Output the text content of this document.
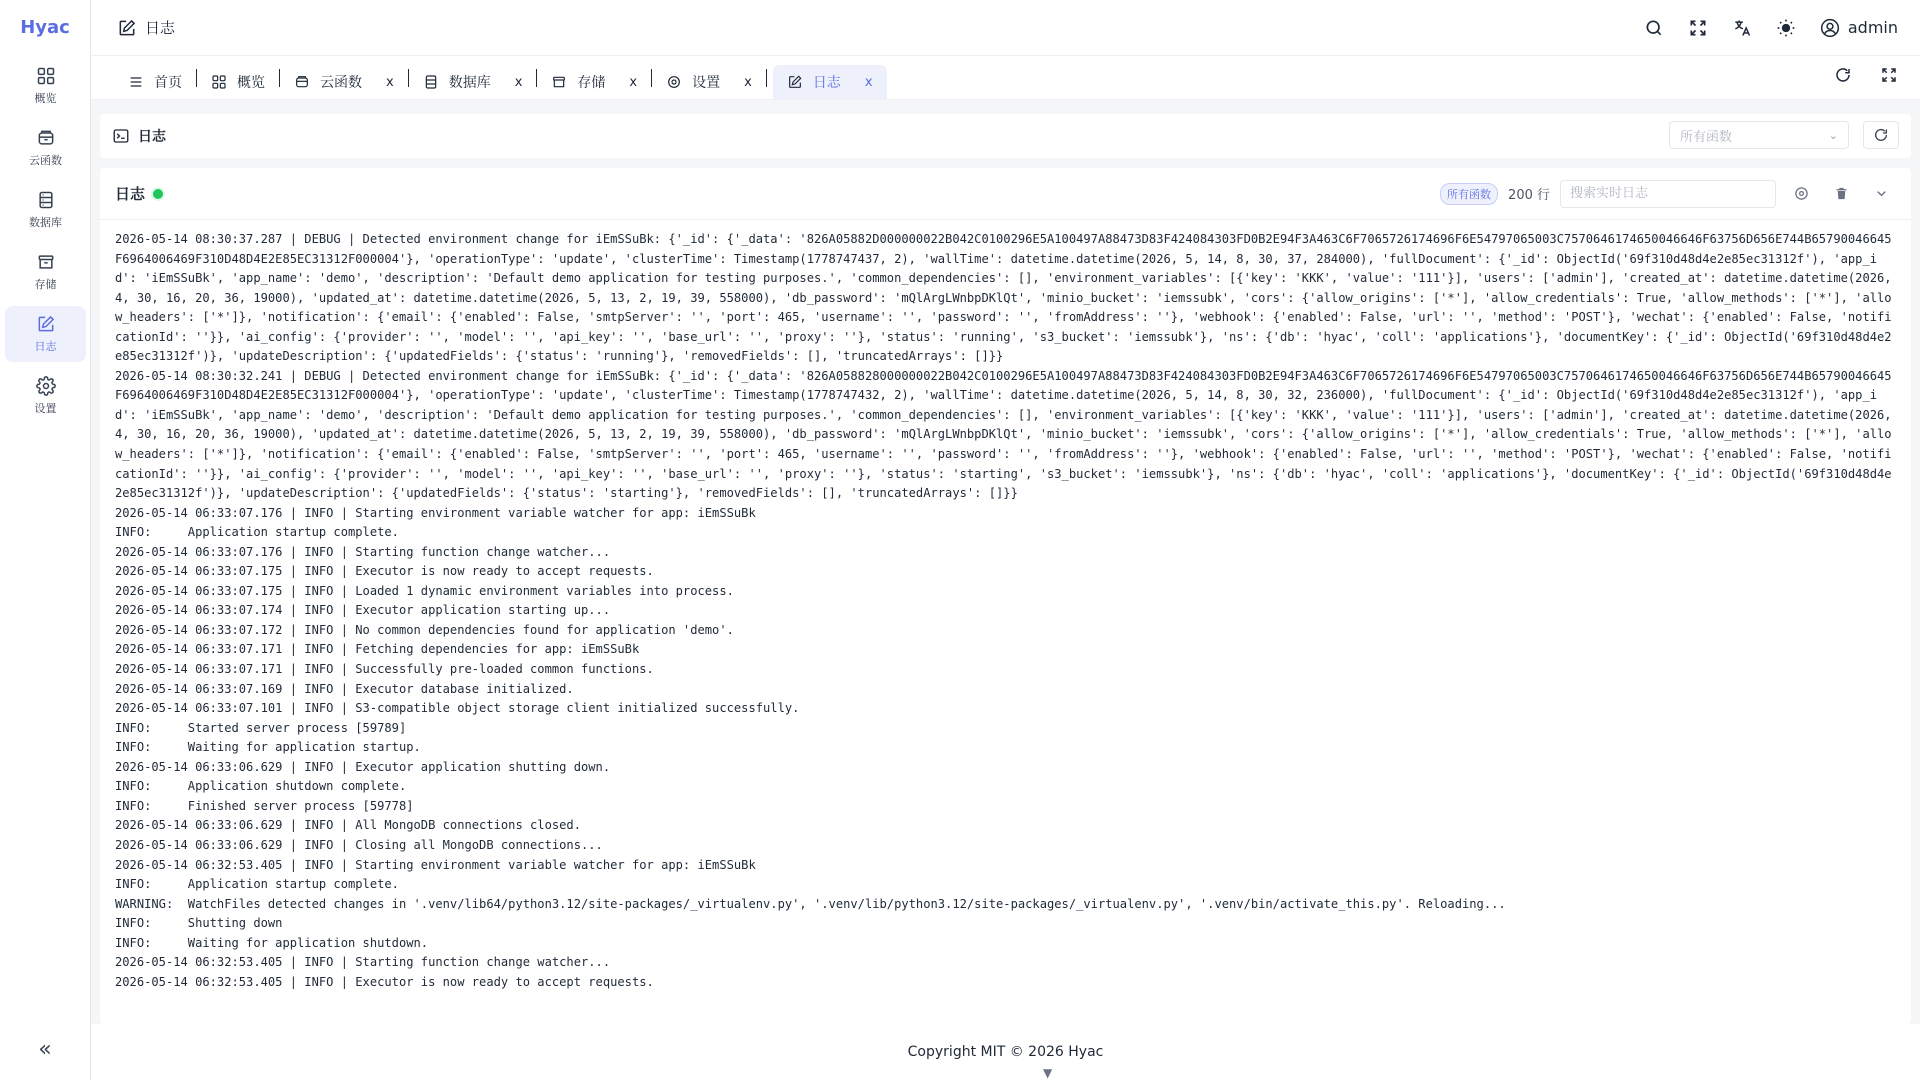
Hyac
概览
云函数
数据库
存储
日志
设置
«
日志	admin
首页	概览	云函数 x	数据库 x	存储 x	设置 x	日志 x
日志	所有函数	⌄
日志	所有函数	200 行
搜索实时日志
2026-05-14 08:30:37.287 | DEBUG | Detected environment change for iEmSSuBk: {'_id': {'_data': '826A05882D000000022B042C0100296E5A100497A88473D83F424084303FD0B2E94F3A463C6F7065726174696F6E54797065003C7570646174650046646F63756D656E744B65790046645F6964006469F310D48D4E2E85EC31312F000004'}, 'operationType': 'update', 'clusterTime': Timestamp(1778747437, 2), 'wallTime': datetime.datetime(2026, 5, 14, 8, 30, 37, 284000), 'fullDocument': {'_id': ObjectId('69f310d48d4e2e85ec31312f'), 'app_id': 'iEmSSuBk', 'app_name': 'demo', 'description': 'Default demo application for testing purposes.', 'common_dependencies': [], 'environment_variables': [{'key': 'KKK', 'value': '111'}], 'users': ['admin'], 'created_at': datetime.datetime(2026, 4, 30, 16, 20, 36, 19000), 'updated_at': datetime.datetime(2026, 5, 13, 2, 19, 39, 558000), 'db_password': 'mQlArgLWnbpDKlQt', 'minio_bucket': 'iemssubk', 'cors': {'allow_origins': ['*'], 'allow_credentials': True, 'allow_methods': ['*'], 'allow_headers': ['*']}, 'notification': {'email': {'enabled': False, 'smtpServer': '', 'port': 465, 'username': '', 'password': '', 'fromAddress': ''}, 'webhook': {'enabled': False, 'url': '', 'method': 'POST'}, 'wechat': {'enabled': False, 'notificationId': ''}}, 'ai_config': {'provider': '', 'model': '', 'api_key': '', 'base_url': '', 'proxy': ''}, 'status': 'running', 's3_bucket': 'iemssubk'}, 'ns': {'db': 'hyac', 'coll': 'applications'}, 'documentKey': {'_id': ObjectId('69f310d48d4e2e85ec31312f')}, 'updateDescription': {'updatedFields': {'status': 'running'}, 'removedFields': [], 'truncatedArrays': []}}
2026-05-14 08:30:32.241 | DEBUG | Detected environment change for iEmSSuBk: {'_id': {'_data': '826A058828000000022B042C0100296E5A100497A88473D83F424084303FD0B2E94F3A463C6F7065726174696F6E54797065003C7570646174650046646F63756D656E744B65790046645F6964006469F310D48D4E2E85EC31312F000004'}, 'operationType': 'update', 'clusterTime': Timestamp(1778747432, 2), 'wallTime': datetime.datetime(2026, 5, 14, 8, 30, 32, 236000), 'fullDocument': {'_id': ObjectId('69f310d48d4e2e85ec31312f'), 'app_id': 'iEmSSuBk', 'app_name': 'demo', 'description': 'Default demo application for testing purposes.', 'common_dependencies': [], 'environment_variables': [{'key': 'KKK', 'value': '111'}], 'users': ['admin'], 'created_at': datetime.datetime(2026, 4, 30, 16, 20, 36, 19000), 'updated_at': datetime.datetime(2026, 5, 13, 2, 19, 39, 558000), 'db_password': 'mQlArgLWnbpDKlQt', 'minio_bucket': 'iemssubk', 'cors': {'allow_origins': ['*'], 'allow_credentials': True, 'allow_methods': ['*'], 'allow_headers': ['*']}, 'notification': {'email': {'enabled': False, 'smtpServer': '', 'port': 465, 'username': '', 'password': '', 'fromAddress': ''}, 'webhook': {'enabled': False, 'url': '', 'method': 'POST'}, 'wechat': {'enabled': False, 'notificationId': ''}}, 'ai_config': {'provider': '', 'model': '', 'api_key': '', 'base_url': '', 'proxy': ''}, 'status': 'starting', 's3_bucket': 'iemssubk'}, 'ns': {'db': 'hyac', 'coll': 'applications'}, 'documentKey': {'_id': ObjectId('69f310d48d4e2e85ec31312f')}, 'updateDescription': {'updatedFields': {'status': 'starting'}, 'removedFields': [], 'truncatedArrays': []}}
2026-05-14 06:33:07.176 | INFO | Starting environment variable watcher for app: iEmSSuBk
INFO:     Application startup complete.
2026-05-14 06:33:07.176 | INFO | Starting function change watcher...
2026-05-14 06:33:07.175 | INFO | Executor is now ready to accept requests.
2026-05-14 06:33:07.175 | INFO | Loaded 1 dynamic environment variables into process.
2026-05-14 06:33:07.174 | INFO | Executor application starting up...
2026-05-14 06:33:07.172 | INFO | No common dependencies found for application 'demo'.
2026-05-14 06:33:07.171 | INFO | Fetching dependencies for app: iEmSSuBk
2026-05-14 06:33:07.171 | INFO | Successfully pre-loaded common functions.
2026-05-14 06:33:07.169 | INFO | Executor database initialized.
2026-05-14 06:33:07.101 | INFO | S3-compatible object storage client initialized successfully.
INFO:     Started server process [59789]
INFO:     Waiting for application startup.
2026-05-14 06:33:06.629 | INFO | Executor application shutting down.
INFO:     Application shutdown complete.
INFO:     Finished server process [59778]
2026-05-14 06:33:06.629 | INFO | All MongoDB connections closed.
2026-05-14 06:33:06.629 | INFO | Closing all MongoDB connections...
2026-05-14 06:32:53.405 | INFO | Starting environment variable watcher for app: iEmSSuBk
INFO:     Application startup complete.
WARNING:  WatchFiles detected changes in '.venv/lib64/python3.12/site-packages/_virtualenv.py', '.venv/lib/python3.12/site-packages/_virtualenv.py', '.venv/bin/activate_this.py'. Reloading...
INFO:     Shutting down
INFO:     Waiting for application shutdown.
2026-05-14 06:32:53.405 | INFO | Starting function change watcher...
2026-05-14 06:32:53.405 | INFO | Executor is now ready to accept requests.
Copyright MIT © 2026 Hyac
▼
